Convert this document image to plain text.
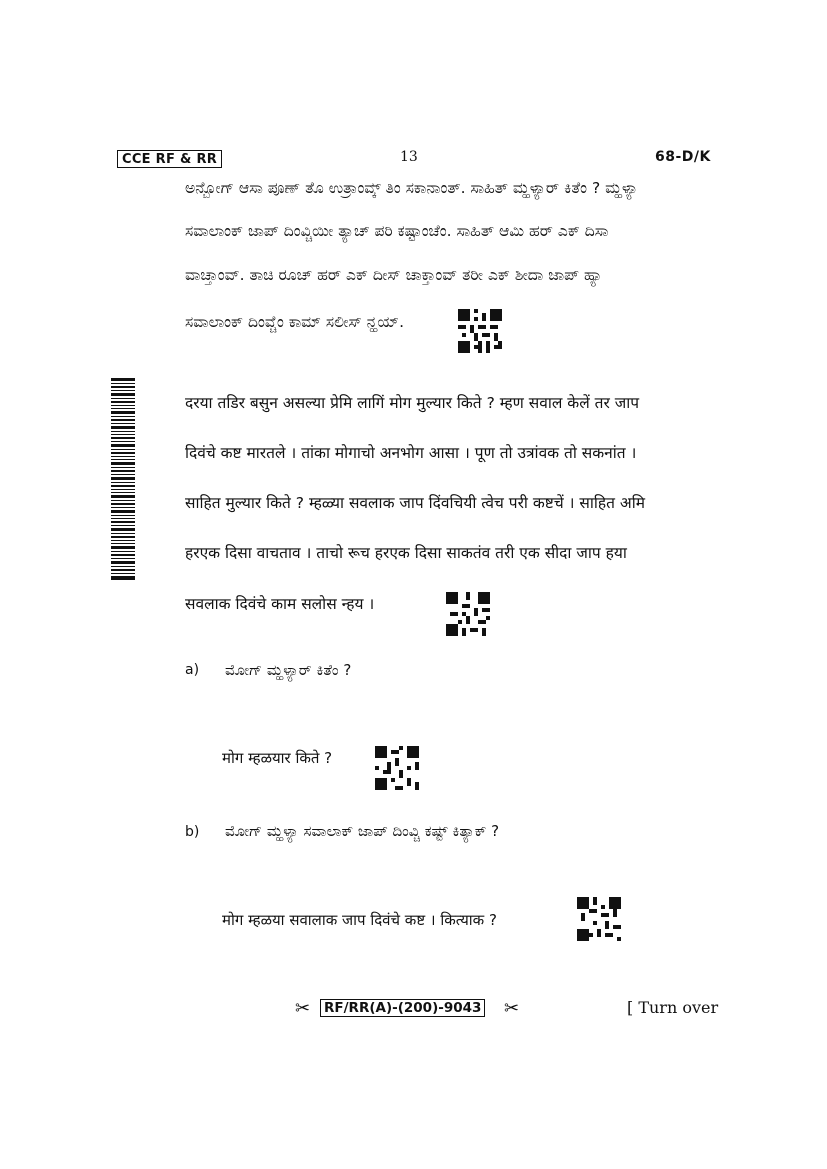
CCE RF & RR	13	68-D/K
ಅನ್ಬೋಗ್ ಆಸಾ ಪೂಣ್ ತೊ ಉತ್ರಾಂವ್ಕ್ ತಿಂ ಸಕಾನಾಂತ್. ಸಾಹಿತ್ ಮ್ಹಳ್ಯಾರ್ ಕಿತೆಂ ? ಮ್ಹಳ್ಯಾ
ಸವಾಲಾಂಕ್ ಜಾಪ್ ದಿಂವ್ಚಿಯೀ ತ್ಯಾಚ್ ಪರಿ ಕಷ್ಟಾಂಚೆಂ. ಸಾಹಿತ್ ಆಮಿ ಹರ್ ಎಕ್ ದಿಸಾ
ವಾಚ್ತಾಂವ್. ತಾಚಿ ರೂಚ್ ಹರ್ ಎಕ್ ದೀಸ್ ಚಾಕ್ತಾಂವ್ ತರೀ ಎಕ್ ಶೀದಾ ಜಾಪ್ ಹ್ಯಾ
ಸವಾಲಾಂಕ್ ದಿಂವ್ಚೆಂ ಕಾಮ್ ಸಲೀಸ್ ನ್ಹಯ್.
दरया तडिर बसुन असल्या प्रेमि लागिं मोग मुल्यार किते ? म्हण सवाल केलें तर जाप
दिवंचे कष्ट मारतले । तांका मोगाचो अनभोग आसा । पूण तो उत्रांवक तो सकनांत ।
साहित मुल्यार किते ? म्हळ्या सवलाक जाप दिंवचियी त्वेच परी कष्टचें । साहित अमि
हरएक दिसा वाचताव । ताचो रूच हरएक दिसा साकतंव तरी एक सीदा जाप हया
सवलाक दिवंचे काम सलोस न्हय ।
a) ಮೋಗ್ ಮ್ಹಳ್ಯಾರ್ ಕಿತೆಂ ?
मोग म्हळयार किते ?
b) ಮೋಗ್ ಮ್ಹಳ್ಯಾ ಸವಾಲಾಕ್ ಜಾಪ್ ದಿಂವ್ಚಿ ಕಷ್ಟ್ ಕಿತ್ಯಾಕ್ ?
मोग म्हळया सवालाक जाप दिवंचे कष्ट । कित्याक ?
✂ RF/RR(A)-(200)-9043 ✂	[ Turn over
